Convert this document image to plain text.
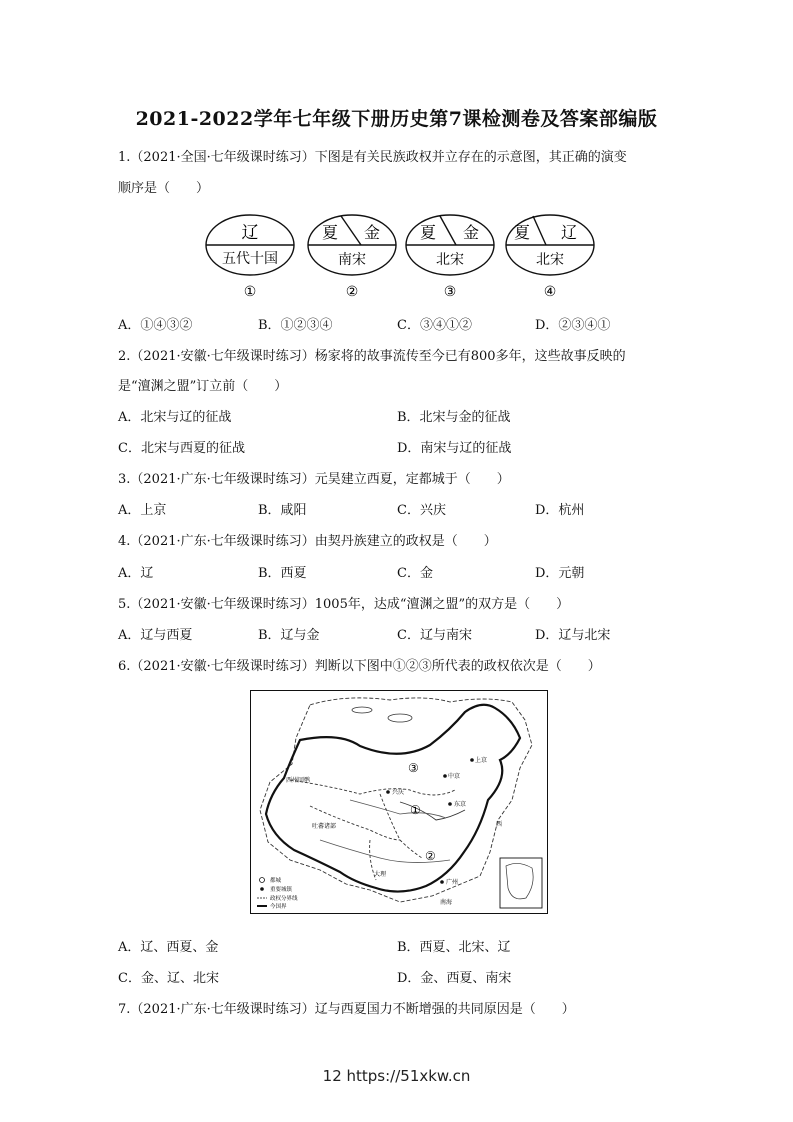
2021-2022学年七年级下册历史第7课检测卷及答案部编版
1.（2021·全国·七年级课时练习）下图是有关民族政权并立存在的示意图，其正确的演变
顺序是（　　）
辽
五代十国
①
夏 金
南宋
②
夏 金
北宋
③
夏 辽
北宋
④
A．①④③②	B．①②③④	C．③④①②	D．②③④①
2.（2021·安徽·七年级课时练习）杨家将的故事流传至今已有800多年，这些故事反映的
是“澶渊之盟”订立前（　　）
A．北宋与辽的征战	B．北宋与金的征战
C．北宋与西夏的征战	D．南宋与辽的征战
3.（2021·广东·七年级课时练习）元昊建立西夏，定都城于（　　）
A．上京	B．咸阳	C．兴庆	D．杭州
4.（2021·广东·七年级课时练习）由契丹族建立的政权是（　　）
A．辽	B．西夏	C．金	D．元朝
5.（2021·安徽·七年级课时练习）1005年，达成“澶渊之盟”的双方是（　　）
A．辽与西夏	B．辽与金	C．辽与南宋	D．辽与北宋
6.（2021·安徽·七年级课时练习）判断以下图中①②③所代表的政权依次是（　　）
都城
重要城镇
政权分界线
今国界
③
①
②
上京
中京
兴庆
西州回鹘
吐蕃诸部
大理
广州
南海
东京
西
A．辽、西夏、金	B．西夏、北宋、辽
C．金、辽、北宋	D．金、西夏、南宋
7.（2021·广东·七年级课时练习）辽与西夏国力不断增强的共同原因是（　　）
12 https://51xkw.cn
